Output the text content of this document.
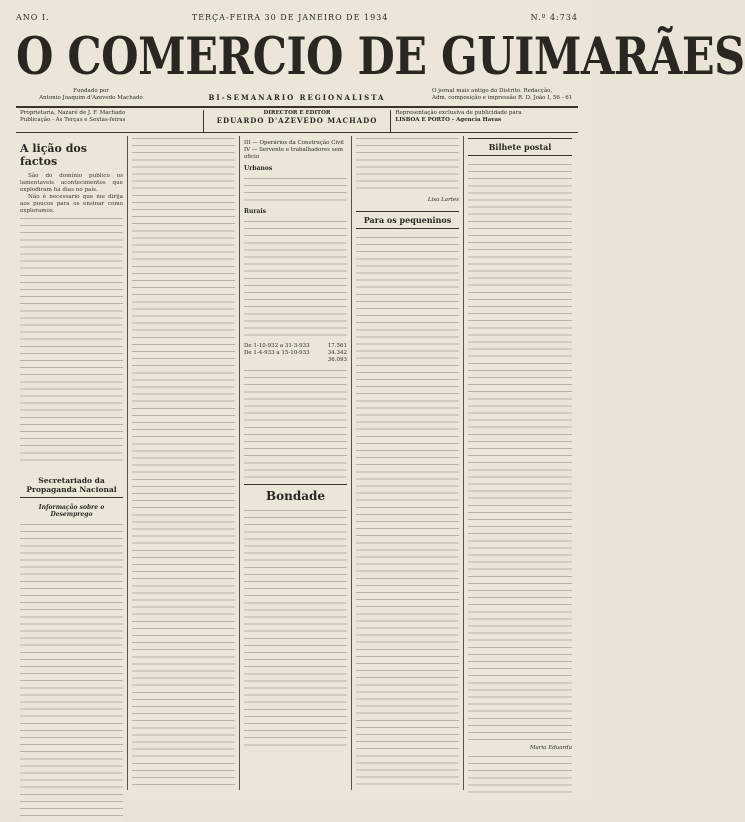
ANO I.	TERÇA-FEIRA 30 DE JANEIRO DE 1934	N.º 4:734
O COMERCIO DE GUIMARÃES
Fundado por
Antonio Joaquim d'Azevedo Machado	BI-SEMANARIO REGIONALISTA
O jornal mais antigo do Distrito. Redacção,
Adm. composição e impressão R. D. João I, 56 - 61
Proprietaria, Nazaré de J. F. Machado
Publicação - Ás Terças e Sextas-feiras
DIRECTOR E EDITOR
EDUARDO D'AZEVEDO MACHADO
Representação exclusiva de publicidade para
LISBOA E PORTO - Agencia Havas
A lição dos factos

São do domínio publico os lamentaveis acontecimentos que explodiram há dias no país.

Não é necessario que me dirija aos poucos para os ensinar como exploramos.

Secretariado da Propaganda Nacional
Informação sobre o Desemprego
III — Operários da Construção Civil
IV — Servente e trabalhadores sem oficio
Urbanos
Rurais
De 1-10-932 a 31-3-933	17.561
De 1-4-933 a 15-10-933	34.342
36.093
Bondade
Lisa Lartes
Para os pequeninos
Bilhete postal
Maria Eduarda
